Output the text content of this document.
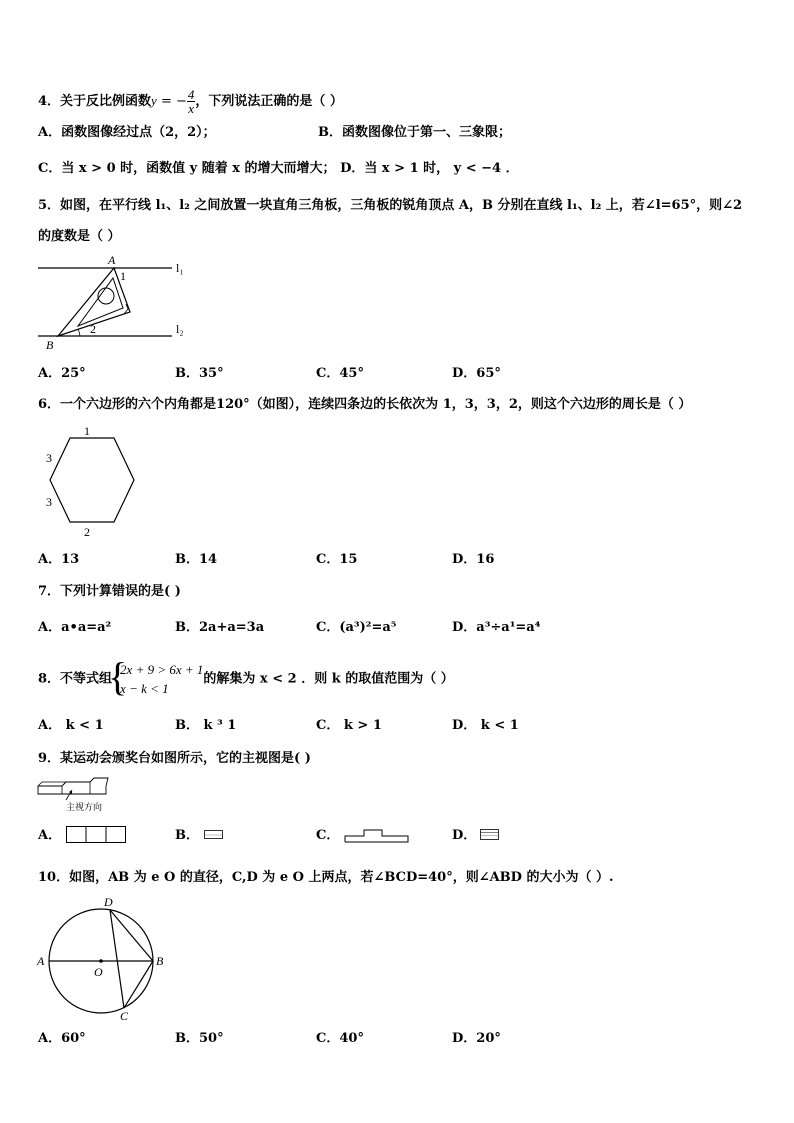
4．关于反比例函数y = − $\frac{4}{x}$ ，下列说法正确的是（ ）
A．函数图像经过点（2，2）；	B．函数图像位于第一、三象限；
C．当 x > 0 时，函数值 y 随着 x 的增大而增大； D．当 x > 1 时， y < −4 ．
5．如图，在平行线 l₁、l₂ 之间放置一块直角三角板，三角板的锐角顶点 A，B 分别在直线 l₁、l₂ 上，若∠l=65°，则∠2
的度数是（ ）
A
1
2
B
l₁
l₂
A．25°	B．35°	C．45°	D．65°
6．一个六边形的六个内角都是120°（如图），连续四条边的长依次为 1，3，3，2，则这个六边形的周长是（ ）
1
3
3
2
A．13	B．14	C．15	D．16
7．下列计算错误的是( )
A．a•a=a²	B．2a+a=3a	C．(a³)²=a⁵	D．a³÷a¹=a⁴
8．不等式组
{ 2x + 9 > 6x + 1
x − k < 1
的解集为 x < 2 ．则 k 的取值范围为（ ）
A． k < 1	B． k ³ 1	C． k > 1	D． k < 1
9．某运动会颁奖台如图所示，它的主视图是( )
主视方向
A．	B．	C．	D．
10．如图，AB 为 e O 的直径，C,D 为 e O 上两点，若∠BCD=40°，则∠ABD 的大小为（ ）.
A	B
D
C
O
A．60°	B．50°	C．40°	D．20°
